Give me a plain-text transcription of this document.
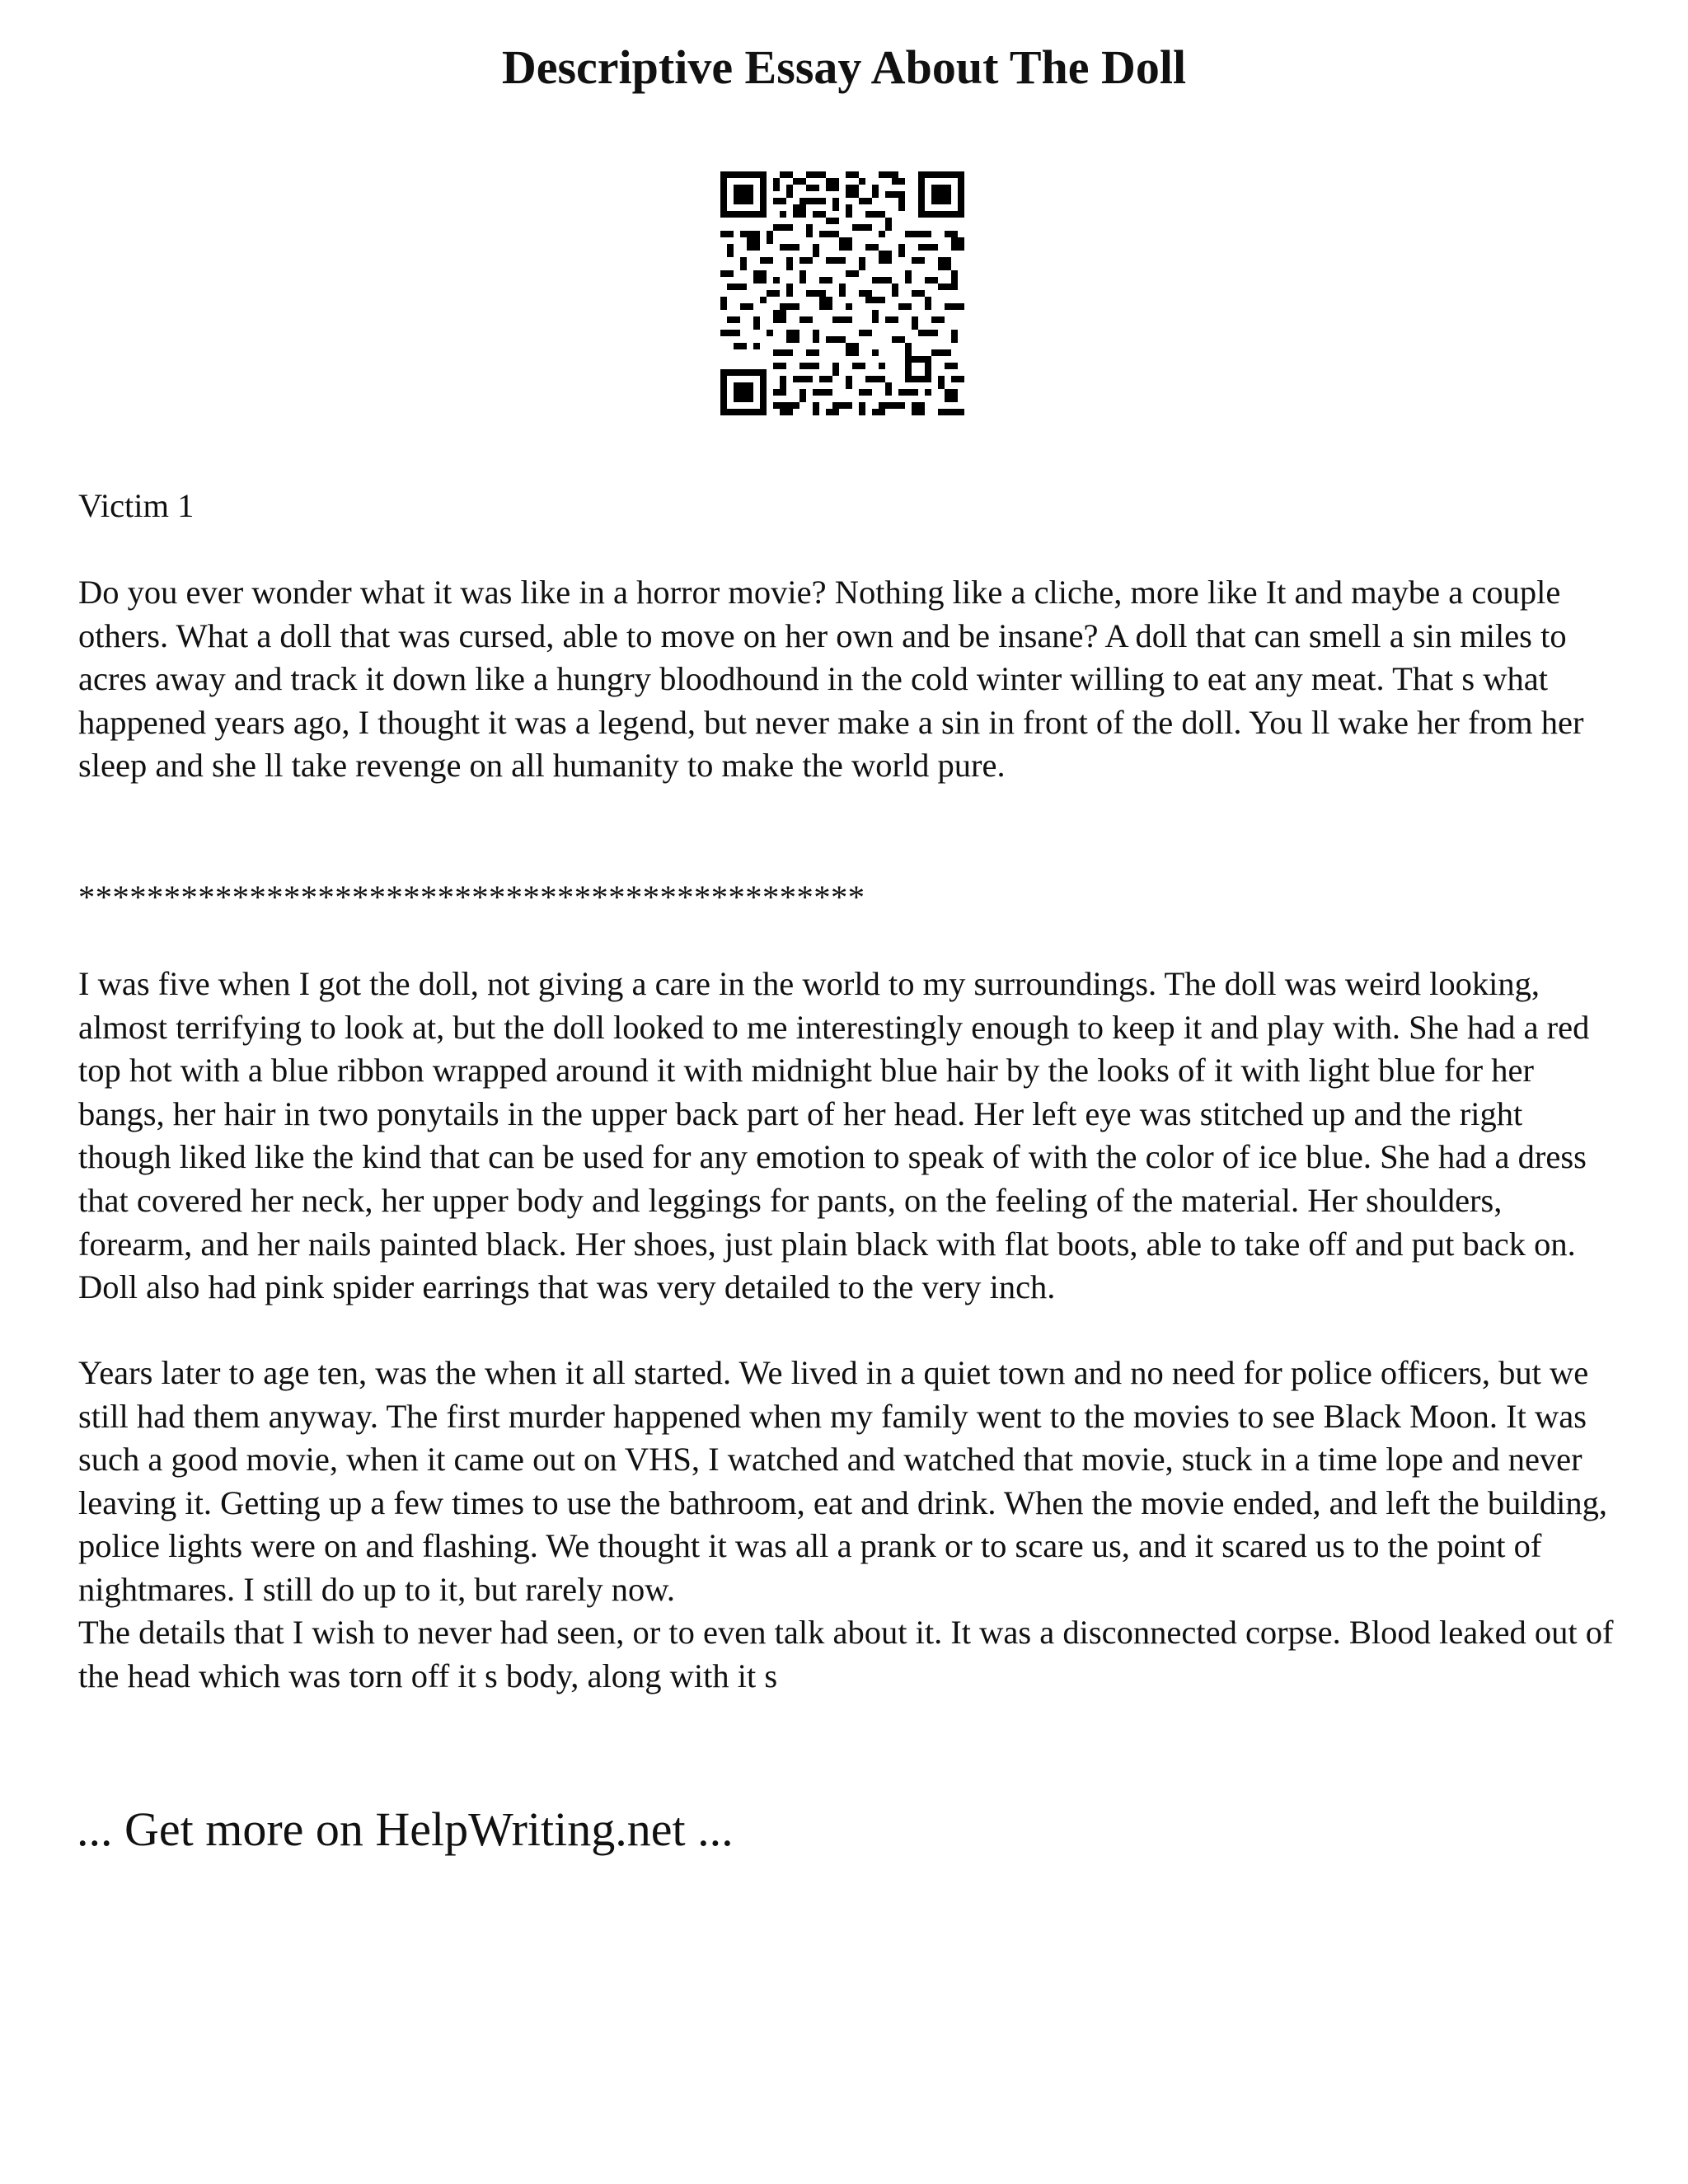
Descriptive Essay About The Doll

Victim 1

Do you ever wonder what it was like in a horror movie? Nothing like a cliche, more like It and maybe a couple others. What a doll that was cursed, able to move on her own and be insane? A doll that can smell a sin miles to acres away and track it down like a hungry bloodhound in the cold winter willing to eat any meat. That s what happened years ago, I thought it was a legend, but never make a sin in front of the doll. You ll wake her from her sleep and she ll take revenge on all humanity to make the world pure.

**********************************************

I was five when I got the doll, not giving a care in the world to my surroundings. The doll was weird looking, almost terrifying to look at, but the doll looked to me interestingly enough to keep it and play with. She had a red top hot with a blue ribbon wrapped around it with midnight blue hair by the looks of it with light blue for her bangs, her hair in two ponytails in the upper back part of her head. Her left eye was stitched up and the right though liked like the kind that can be used for any emotion to speak of with the color of ice blue. She had a dress that covered her neck, her upper body and leggings for pants, on the feeling of the material. Her shoulders, forearm, and her nails painted black. Her shoes, just plain black with flat boots, able to take off and put back on. Doll also had pink spider earrings that was very detailed to the very inch.

Years later to age ten, was the when it all started. We lived in a quiet town and no need for police officers, but we still had them anyway. The first murder happened when my family went to the movies to see Black Moon. It was such a good movie, when it came out on VHS, I watched and watched that movie, stuck in a time lope and never leaving it. Getting up a few times to use the bathroom, eat and drink. When the movie ended, and left the building, police lights were on and flashing. We thought it was all a prank or to scare us, and it scared us to the point of nightmares. I still do up to it, but rarely now.

The details that I wish to never had seen, or to even talk about it. It was a disconnected corpse. Blood leaked out of the head which was torn off it s body, along with it s

... Get more on HelpWriting.net ...
